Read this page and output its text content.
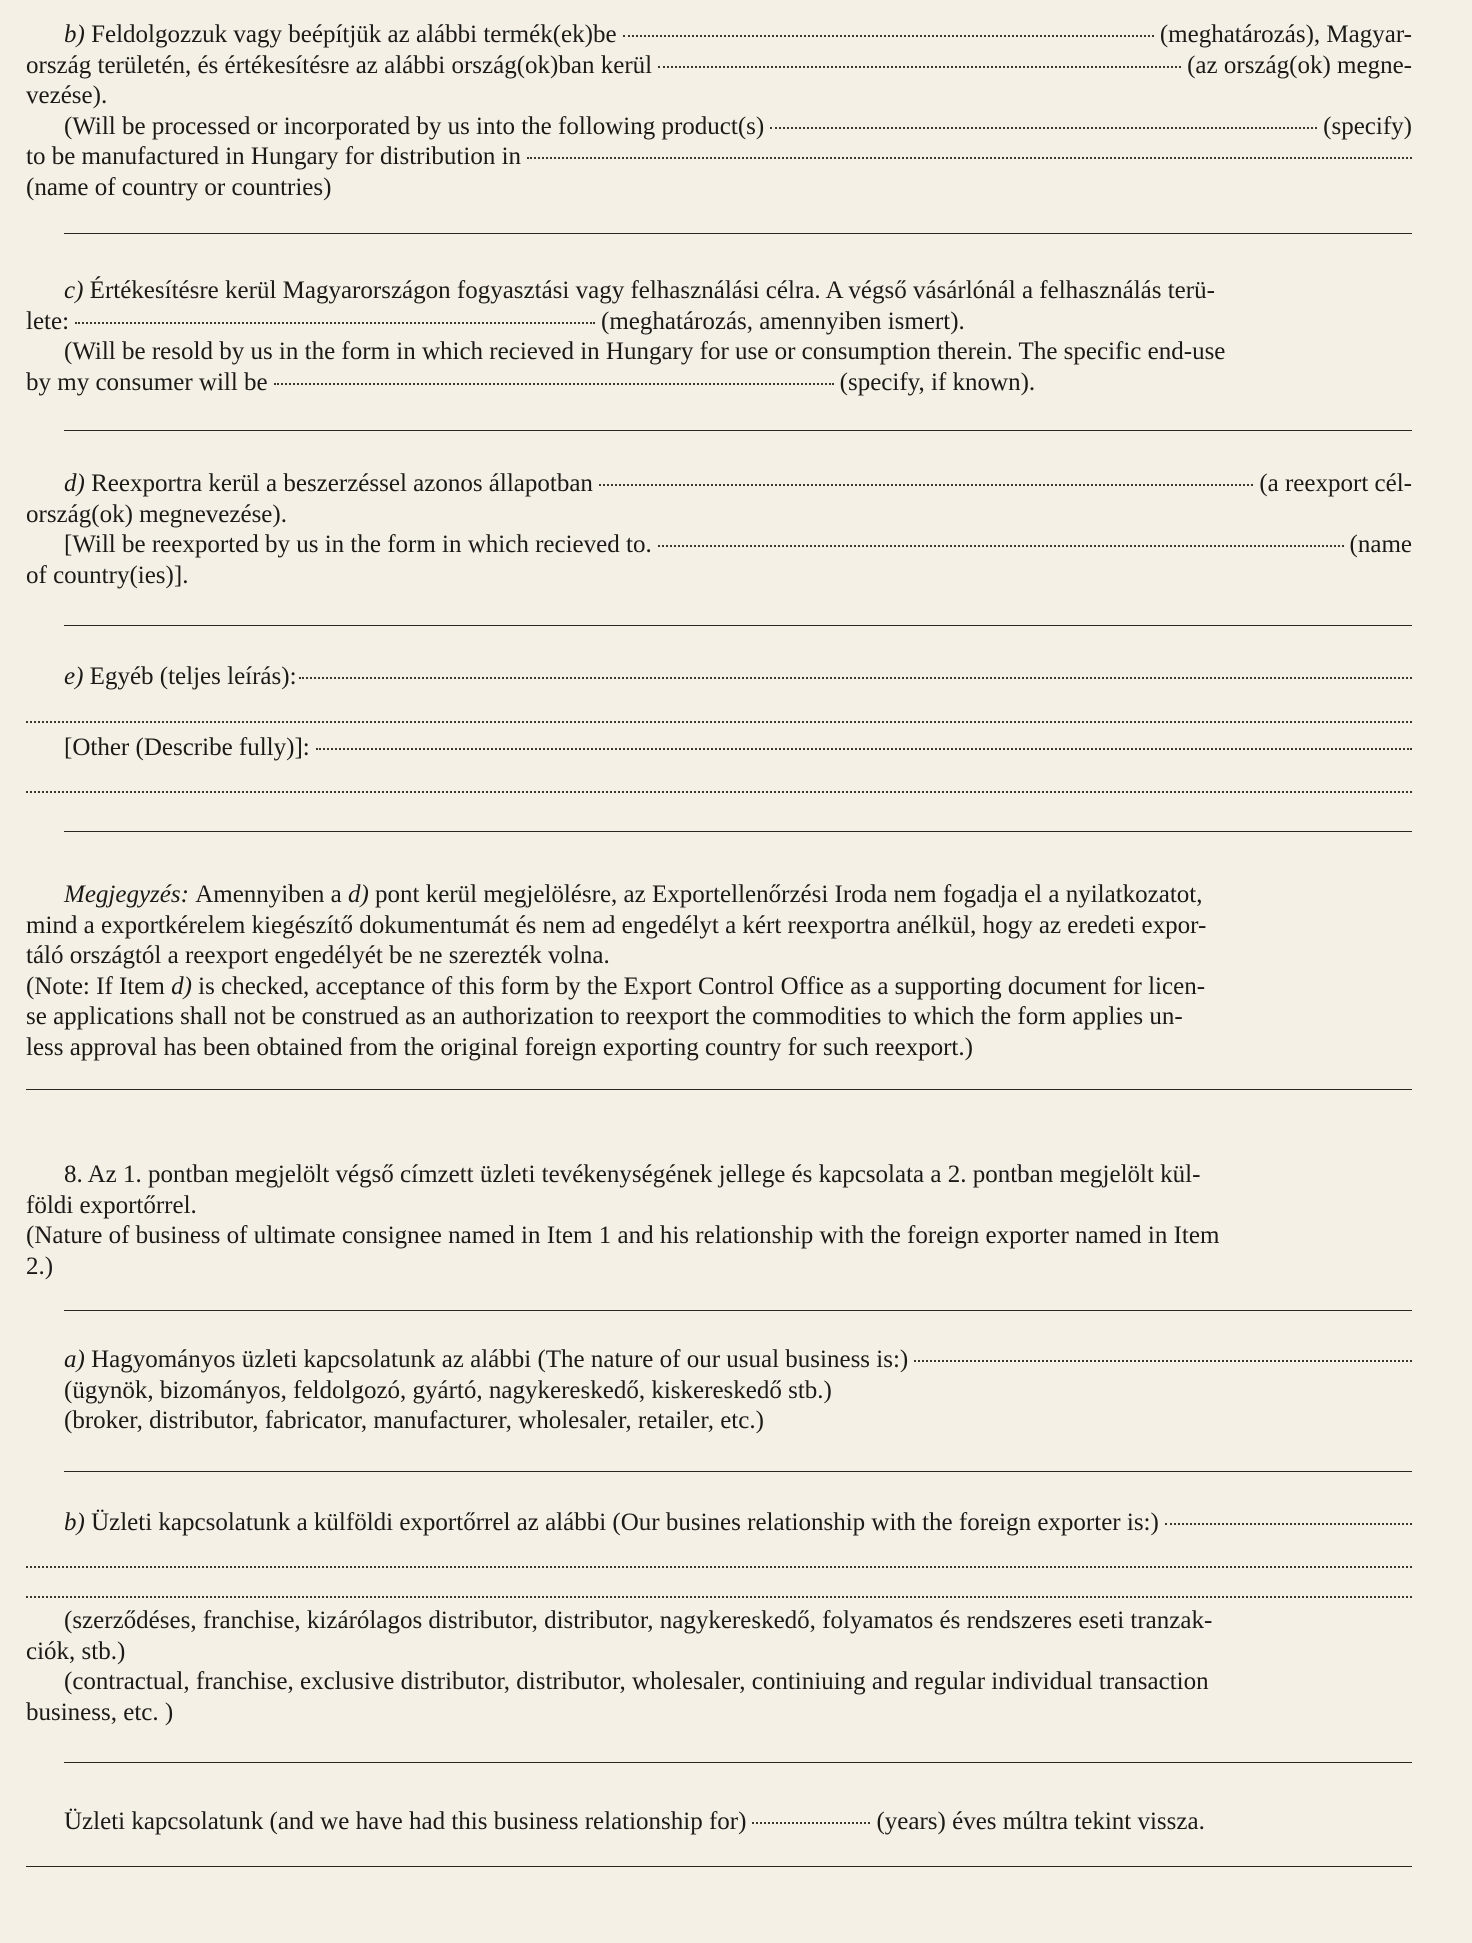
b)
Feldolgozzuk vagy beépítjük az alábbi termék(ek)be	(meghatározás), Magyar-
ország területén, és értékesítésre az alábbi ország(ok)ban kerül	(az ország(ok) megne-
vezése).
(Will be processed or incorporated by us into the following product(s)	(specify)
to be manufactured in Hungary for distribution in
(name of country or countries)
c)
Értékesítésre kerül Magyarországon fogyasztási vagy felhasználási célra. A végső vásárlónál a felhasználás terü-
lete:	(meghatározás, amennyiben ismert).
(Will be resold by us in the form in which recieved in Hungary for use or consumption therein. The specific end-use
by my consumer will be	(specify, if known).
d)
Reexportra kerül a beszerzéssel azonos állapotban	(a reexport cél-
ország(ok) megnevezése).
[Will be reexported by us in the form in which recieved to.	(name
of country(ies)].
e)
Egyéb (teljes leírás):
[Other (Describe fully)]:
Megjegyzés:
Amennyiben a
d)
pont kerül megjelölésre, az Exportellenőrzési Iroda nem fogadja el a nyilatkozatot,
mind a exportkérelem kiegészítő dokumentumát és nem ad engedélyt a kért reexportra anélkül, hogy az eredeti expor-
táló országtól a reexport engedélyét be ne szerezték volna.
(Note: If Item
d)
is checked, acceptance of this form by the Export Control Office as a supporting document for licen-
se applications shall not be construed as an authorization to reexport the commodities to which the form applies un-
less approval has been obtained from the original foreign exporting country for such reexport.)
8. Az 1. pontban megjelölt végső címzett üzleti tevékenységének jellege és kapcsolata a 2. pontban megjelölt kül-
földi exportőrrel.
(Nature of business of ultimate consignee named in Item 1 and his relationship with the foreign exporter named in Item
2.)
a)
Hagyományos üzleti kapcsolatunk az alábbi (The nature of our usual business is:)
(ügynök, bizományos, feldolgozó, gyártó, nagykereskedő, kiskereskedő stb.)
(broker, distributor, fabricator, manufacturer, wholesaler, retailer, etc.)
b)
Üzleti kapcsolatunk a külföldi exportőrrel az alábbi (Our busines relationship with the foreign exporter is:)
(szerződéses, franchise, kizárólagos distributor, distributor, nagykereskedő, folyamatos és rendszeres eseti tranzak-
ciók, stb.)
(contractual, franchise, exclusive distributor, distributor, wholesaler, continiuing and regular individual transaction
business, etc. )
Üzleti kapcsolatunk (and we have had this business relationship for)	(years) éves múltra tekint vissza.
